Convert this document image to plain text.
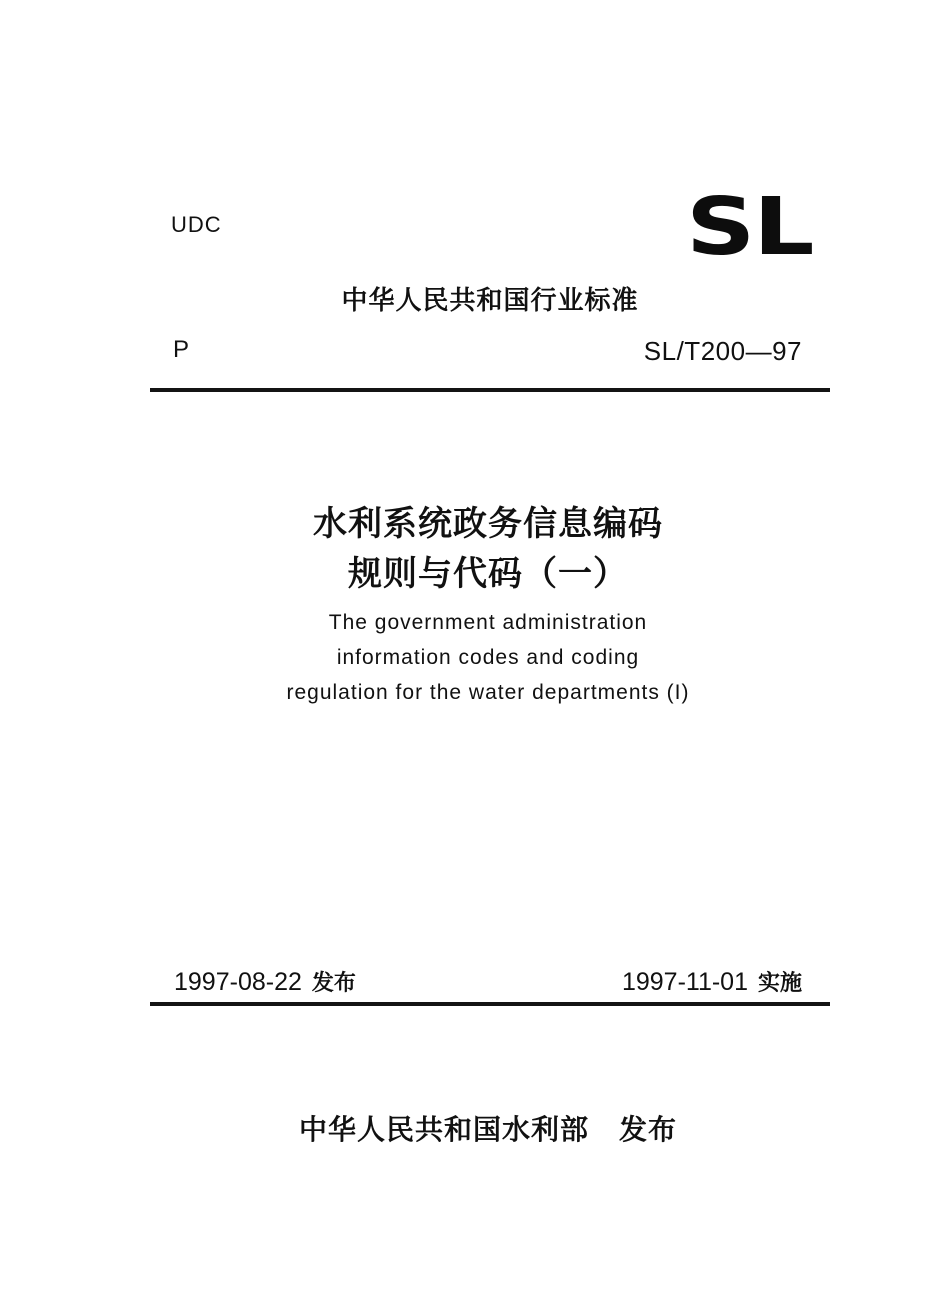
UDC	SL
中华人民共和国行业标准
P	SL/T200—97
水利系统政务信息编码
规则与代码（一）
The government administration
information codes and coding
regulation for the water departments (I)
1997-08-22 发布	1997-11-01 实施
中华人民共和国水利部 发布
